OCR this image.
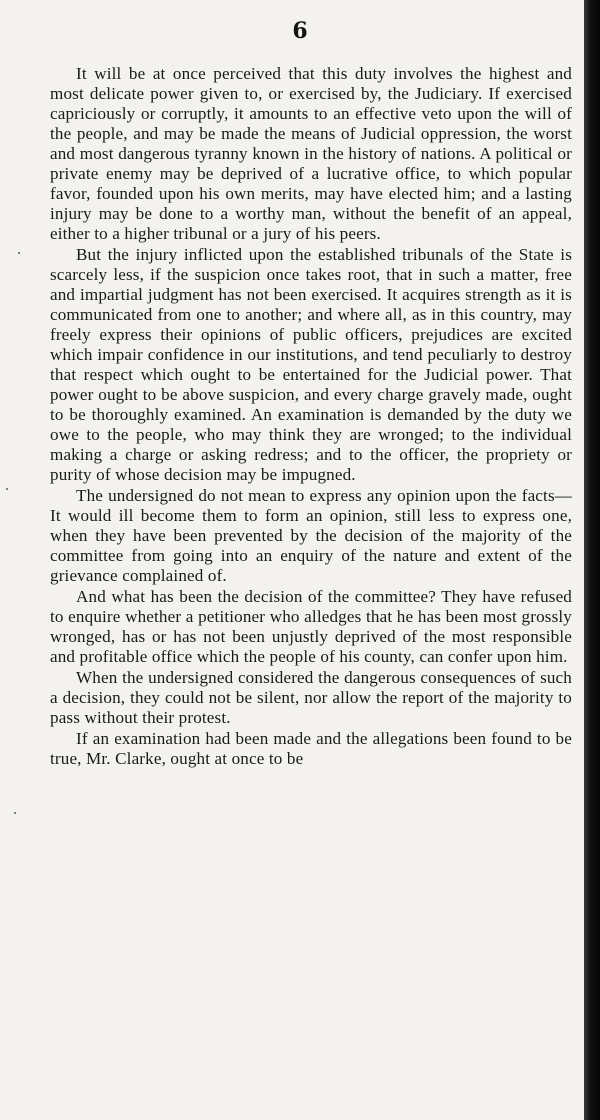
6

It will be at once perceived that this duty involves the highest and most delicate power given to, or exercised by, the Judiciary. If exercised capriciously or corruptly, it amounts to an effective veto upon the will of the people, and may be made the means of Judicial oppression, the worst and most dangerous tyranny known in the history of nations. A political or private enemy may be deprived of a lucrative office, to which popular favor, founded upon his own merits, may have elected him; and a lasting injury may be done to a worthy man, without the benefit of an appeal, either to a higher tribunal or a jury of his peers.

But the injury inflicted upon the established tribunals of the State is scarcely less, if the suspicion once takes root, that in such a matter, free and impartial judgment has not been exercised. It acquires strength as it is communicated from one to another; and where all, as in this country, may freely express their opinions of public officers, prejudices are excited which impair confidence in our institutions, and tend peculiarly to destroy that respect which ought to be entertained for the Judicial power. That power ought to be above suspicion, and every charge gravely made, ought to be thoroughly examined. An examination is demanded by the duty we owe to the people, who may think they are wronged; to the individual making a charge or asking redress; and to the officer, the propriety or purity of whose decision may be impugned.

The undersigned do not mean to express any opinion upon the facts—It would ill become them to form an opinion, still less to express one, when they have been prevented by the decision of the majority of the committee from going into an enquiry of the nature and extent of the grievance complained of.

And what has been the decision of the committee? They have refused to enquire whether a petitioner who alledges that he has been most grossly wronged, has or has not been unjustly deprived of the most responsible and profitable office which the people of his county, can confer upon him.

When the undersigned considered the dangerous consequences of such a decision, they could not be silent, nor allow the report of the majority to pass without their protest.

If an examination had been made and the allegations been found to be true, Mr. Clarke, ought at once to be
